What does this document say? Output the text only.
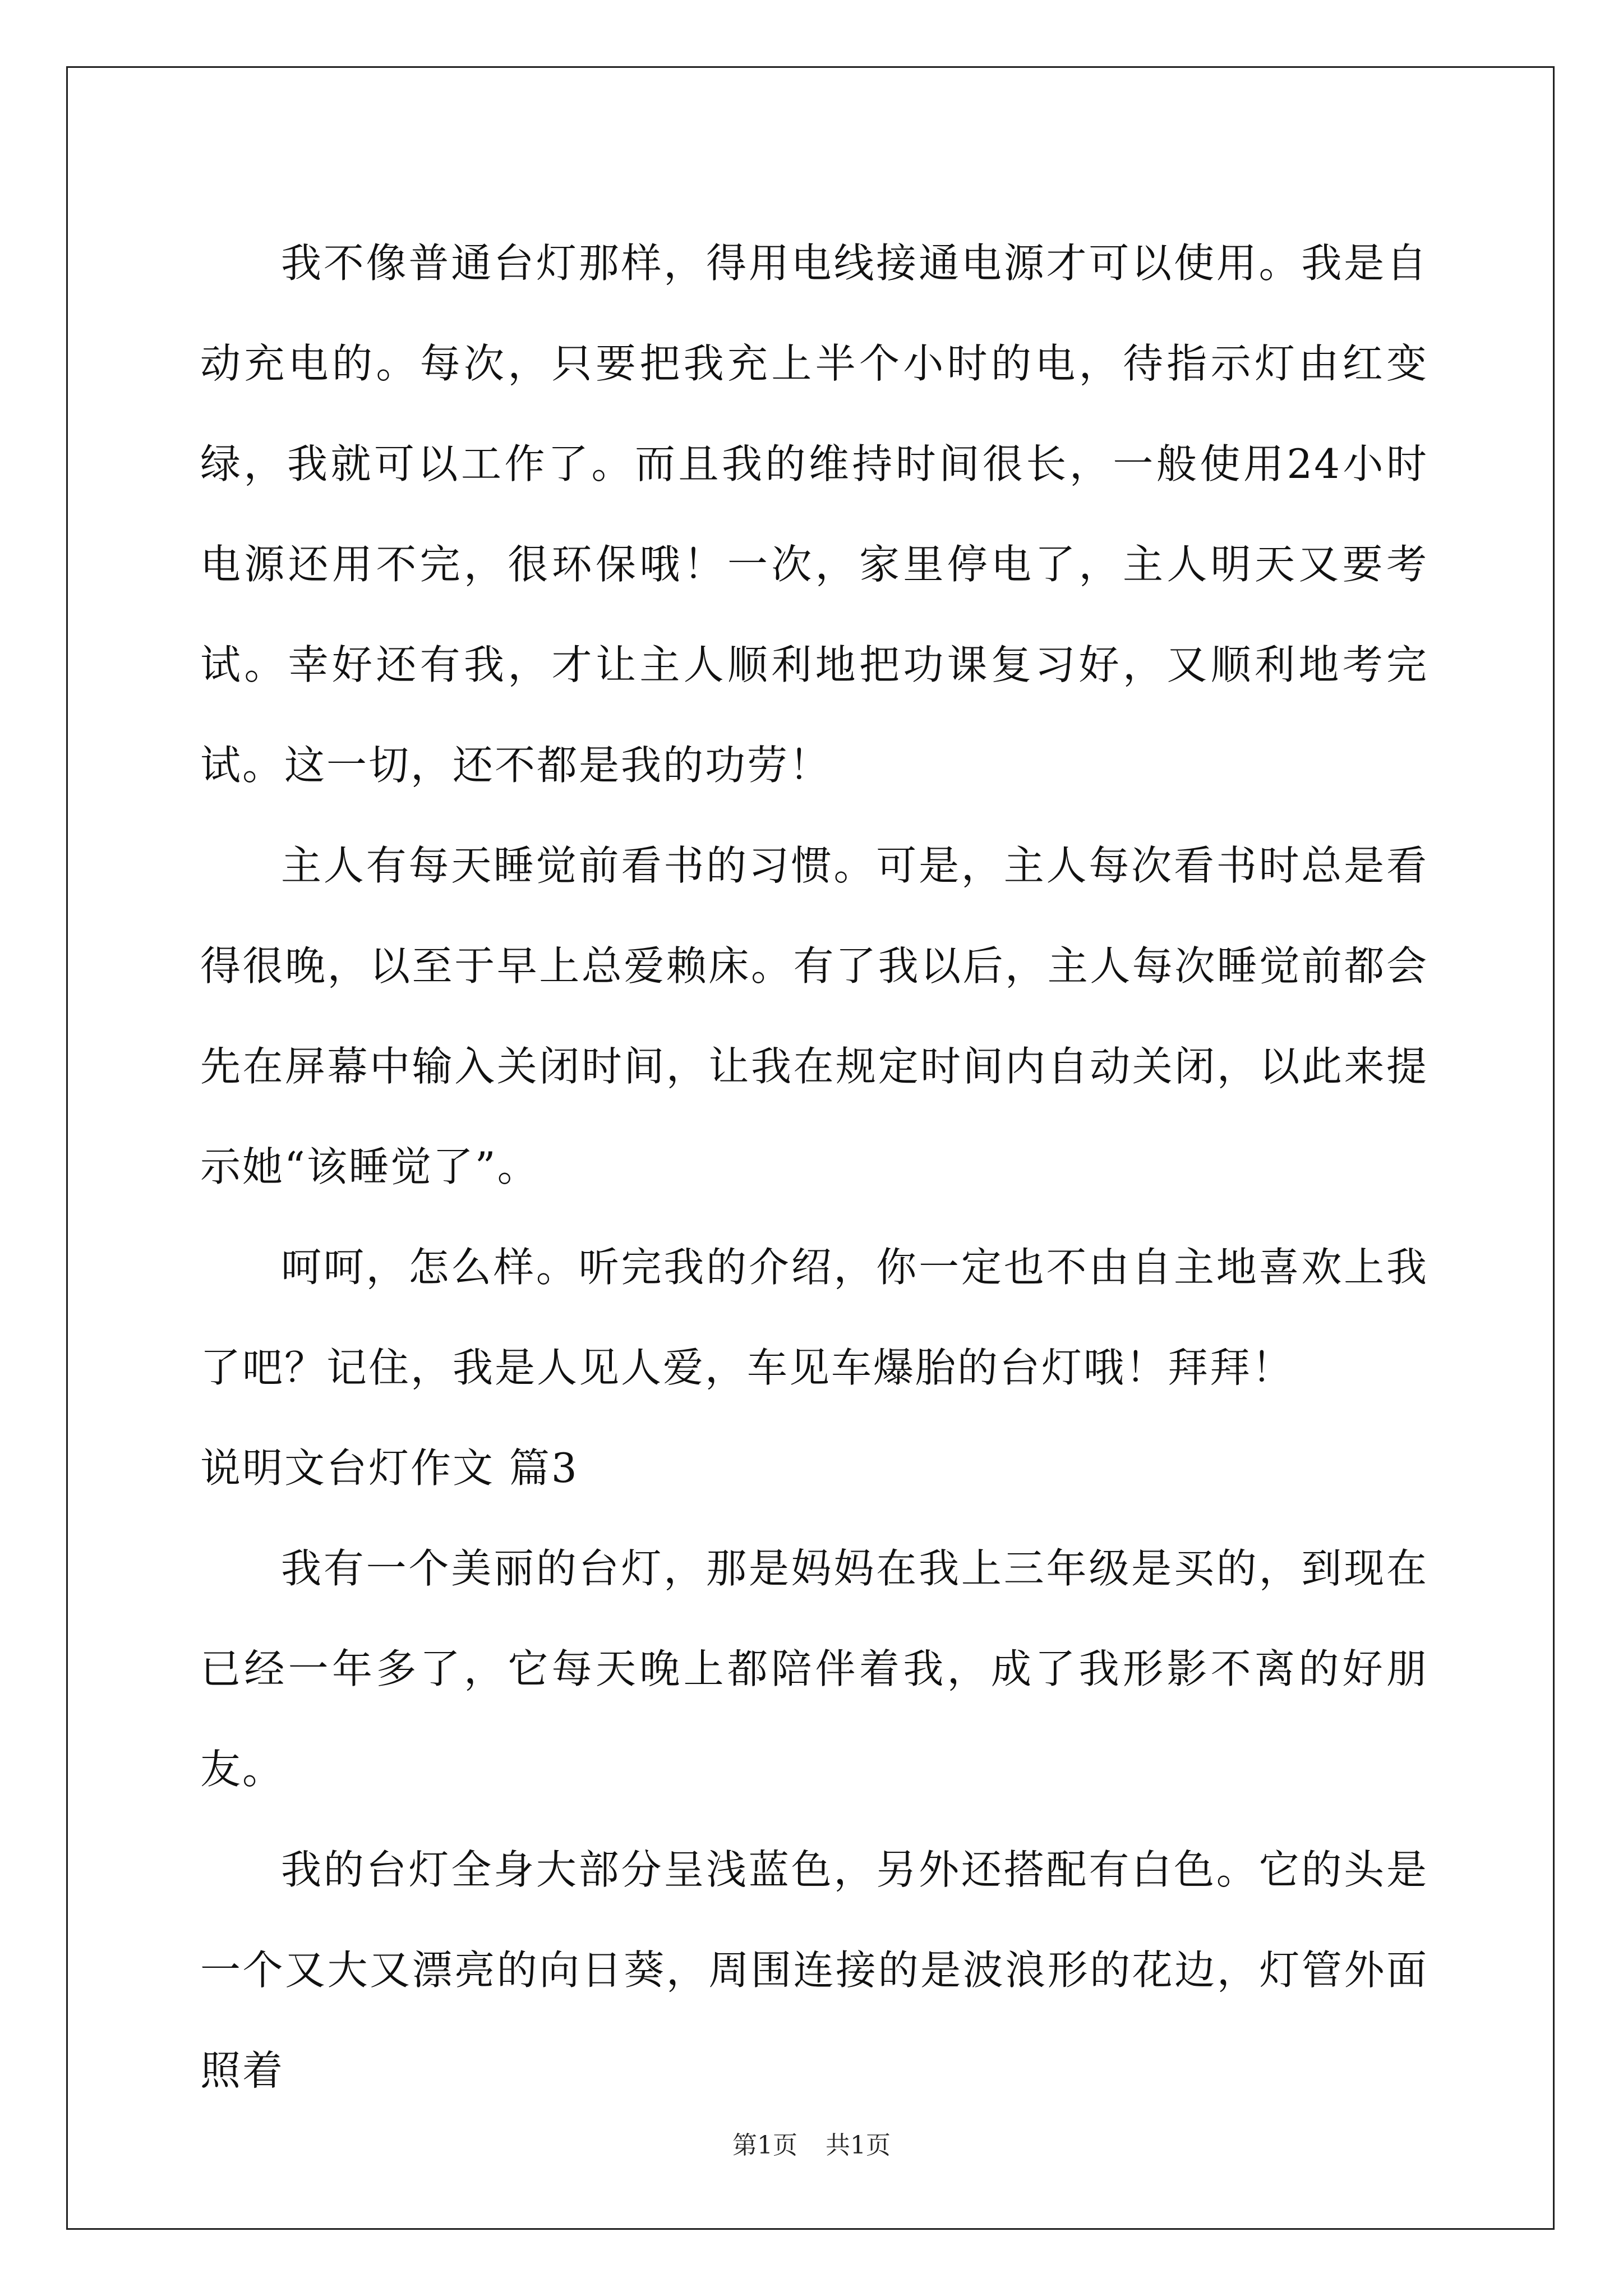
我不像普通台灯那样，得用电线接通电源才可以使用。我是自动充电的。每次，只要把我充上半个小时的电，待指示灯由红变绿，我就可以工作了。而且我的维持时间很长，一般使用24小时电源还用不完，很环保哦！一次，家里停电了，主人明天又要考试。幸好还有我，才让主人顺利地把功课复习好，又顺利地考完试。这一切，还不都是我的功劳！

主人有每天睡觉前看书的习惯。可是，主人每次看书时总是看得很晚，以至于早上总爱赖床。有了我以后，主人每次睡觉前都会先在屏幕中输入关闭时间，让我在规定时间内自动关闭，以此来提示她“该睡觉了”。

呵呵，怎么样。听完我的介绍，你一定也不由自主地喜欢上我了吧？记住，我是人见人爱，车见车爆胎的台灯哦！拜拜！

说明文台灯作文 篇3

我有一个美丽的台灯，那是妈妈在我上三年级是买的，到现在已经一年多了，它每天晚上都陪伴着我，成了我形影不离的好朋友。

我的台灯全身大部分呈浅蓝色，另外还搭配有白色。它的头是一个又大又漂亮的向日葵，周围连接的是波浪形的花边，灯管外面照着

第1页 共1页
